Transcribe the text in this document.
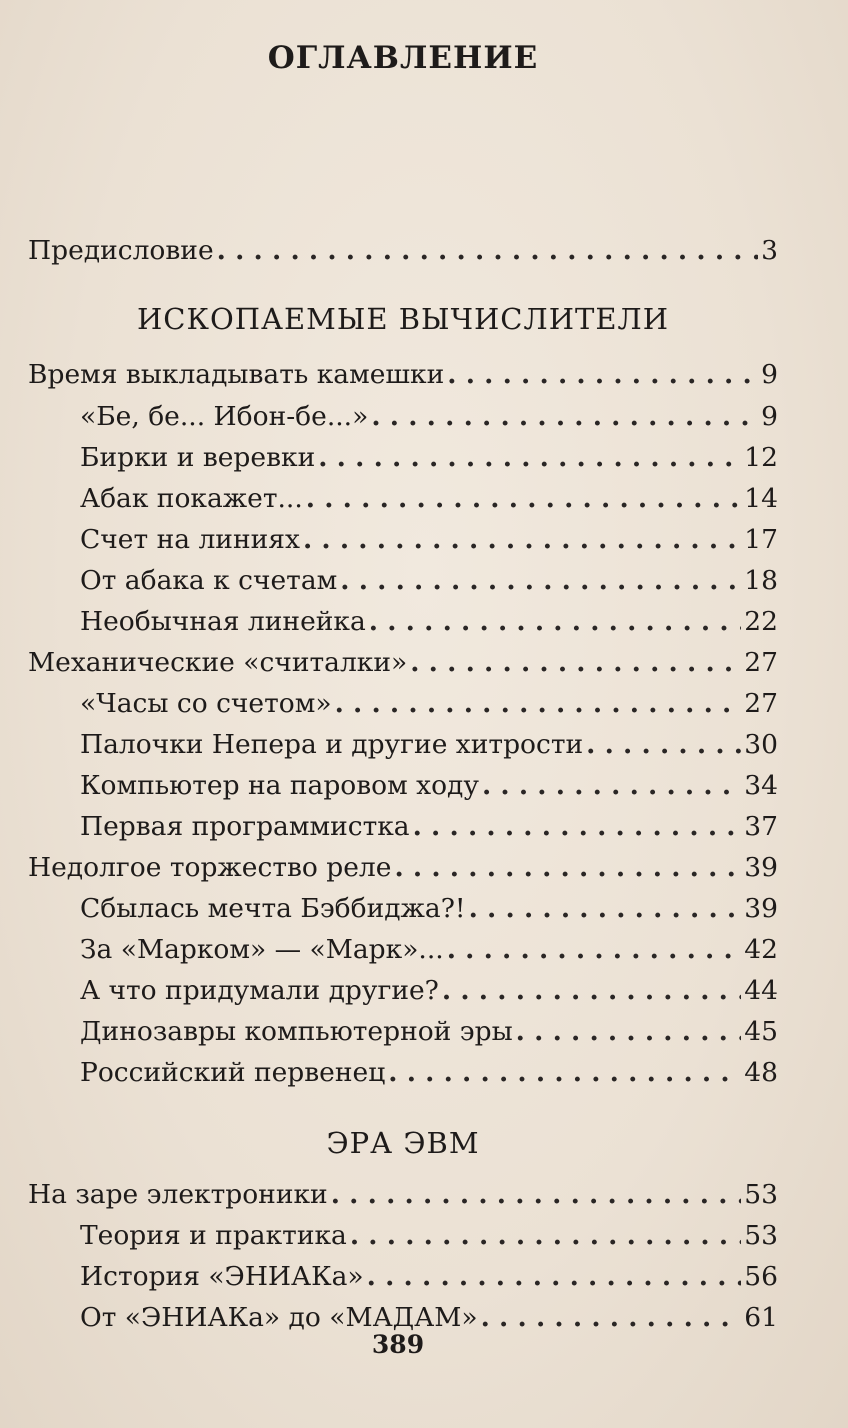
ОГЛАВЛЕНИЕ
Предисловие . . .	3
ИСКОПАЕМЫЕ ВЫЧИСЛИТЕЛИ
Время выкладывать камешки . . .	9
«Бе, бе... Ибон-бе...» . . .	9
Бирки и веревки . . .	12
Абак покажет... . . .	14
Счет на линиях . . .	17
От абака к счетам . . .	18
Необычная линейка . . .	22
Механические «считалки» . . .	27
«Часы со счетом» . . .	27
Палочки Непера и другие хитрости . . .	30
Компьютер на паровом ходу . . .	34
Первая программистка . . .	37
Недолгое торжество реле . . .	39
Сбылась мечта Бэббиджа?! . . .	39
За «Марком» — «Марк»... . . .	42
А что придумали другие? . . .	44
Динозавры компьютерной эры . . .	45
Российский первенец . . .	48
ЭРА ЭВМ
На заре электроники . . .	53
Теория и практика . . .	53
История «ЭНИАКа» . . .	56
От «ЭНИАКа» до «МАДАМ» . . .	61
389
